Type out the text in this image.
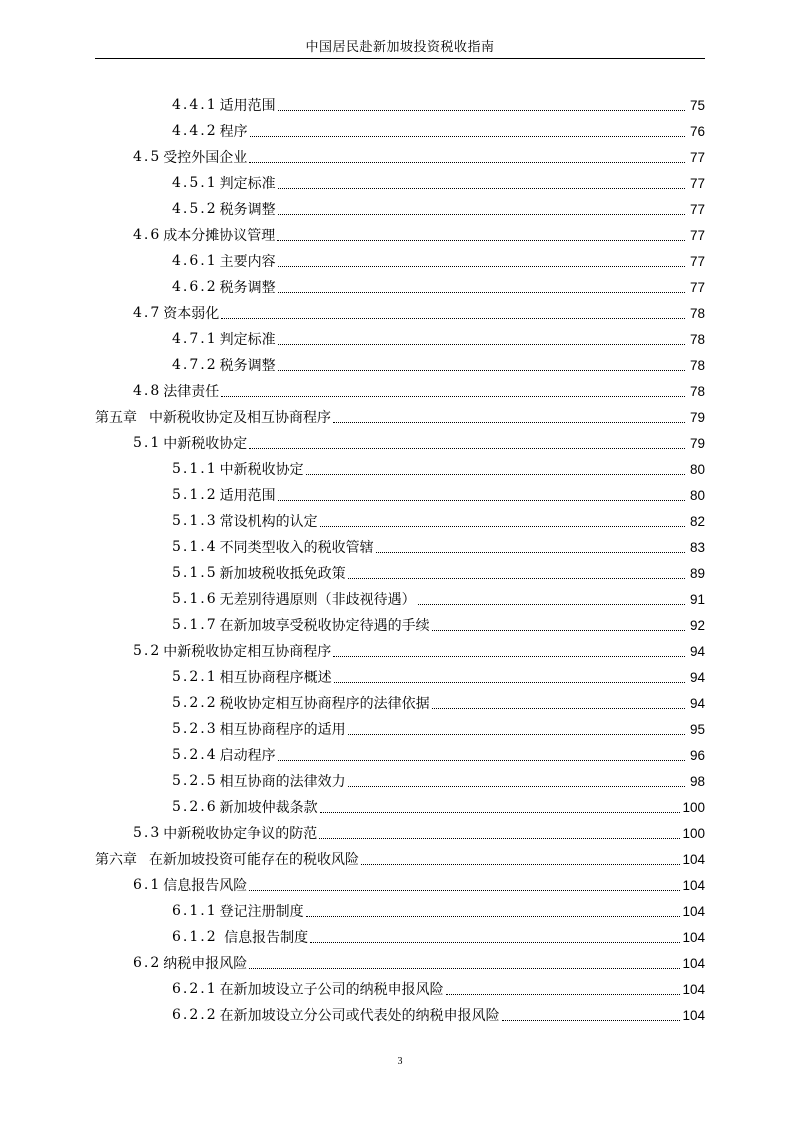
中国居民赴新加坡投资税收指南
4.4.1 适用范围	75
4.4.2 程序	76
4.5 受控外国企业	77
4.5.1 判定标准	77
4.5.2 税务调整	77
4.6 成本分摊协议管理	77
4.6.1 主要内容	77
4.6.2 税务调整	77
4.7 资本弱化	78
4.7.1 判定标准	78
4.7.2 税务调整	78
4.8 法律责任	78
第五章 中新税收协定及相互协商程序	79
5.1 中新税收协定	79
5.1.1 中新税收协定	80
5.1.2 适用范围	80
5.1.3 常设机构的认定	82
5.1.4 不同类型收入的税收管辖	83
5.1.5 新加坡税收抵免政策	89
5.1.6 无差别待遇原则（非歧视待遇）	91
5.1.7 在新加坡享受税收协定待遇的手续	92
5.2 中新税收协定相互协商程序	94
5.2.1 相互协商程序概述	94
5.2.2 税收协定相互协商程序的法律依据	94
5.2.3 相互协商程序的适用	95
5.2.4 启动程序	96
5.2.5 相互协商的法律效力	98
5.2.6 新加坡仲裁条款	100
5.3 中新税收协定争议的防范	100
第六章 在新加坡投资可能存在的税收风险	104
6.1 信息报告风险	104
6.1.1 登记注册制度	104
6.1.2 信息报告制度	104
6.2 纳税申报风险	104
6.2.1 在新加坡设立子公司的纳税申报风险	104
6.2.2 在新加坡设立分公司或代表处的纳税申报风险	104
3
